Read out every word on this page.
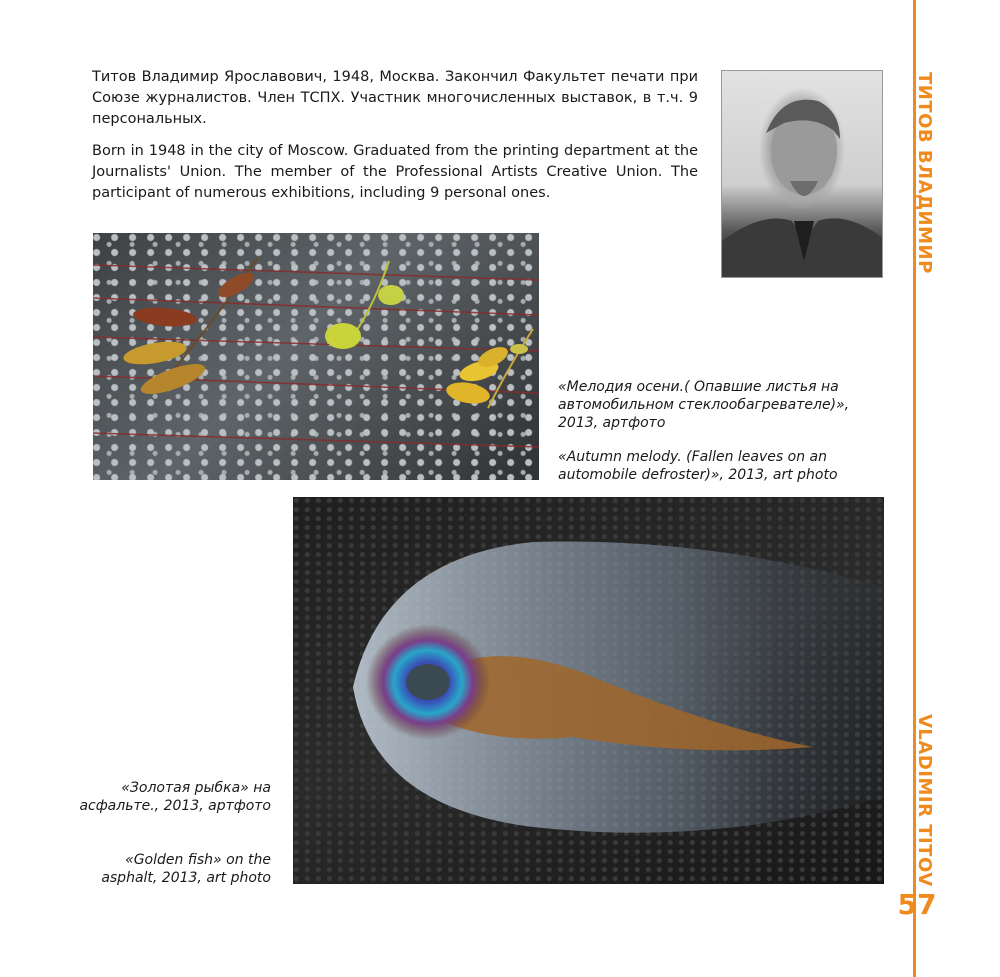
Титов Владимир Ярославович, 1948, Москва. Закончил Факультет печати при Союзе журналистов. Член ТСПХ. Участник многочисленных выставок, в т.ч. 9 персональных.

Born in 1948 in the city of Moscow. Graduated from the printing department at the Journalists' Union. The member of the Professional Artists Creative Union. The participant of numerous exhibitions, including 9 personal ones.

«Мелодия осени.( Опавшие листья на автомобильном стеклообагревателе)», 2013, артфото

«Autumn melody. (Fallen leaves on an automobile defroster)», 2013, art photo

«Золотая рыбка» на асфальте., 2013, артфото

«Golden fish» on the asphalt, 2013, art photo

ТИТОВ ВЛАДИМИР
VLADIMIR TITOV
57
